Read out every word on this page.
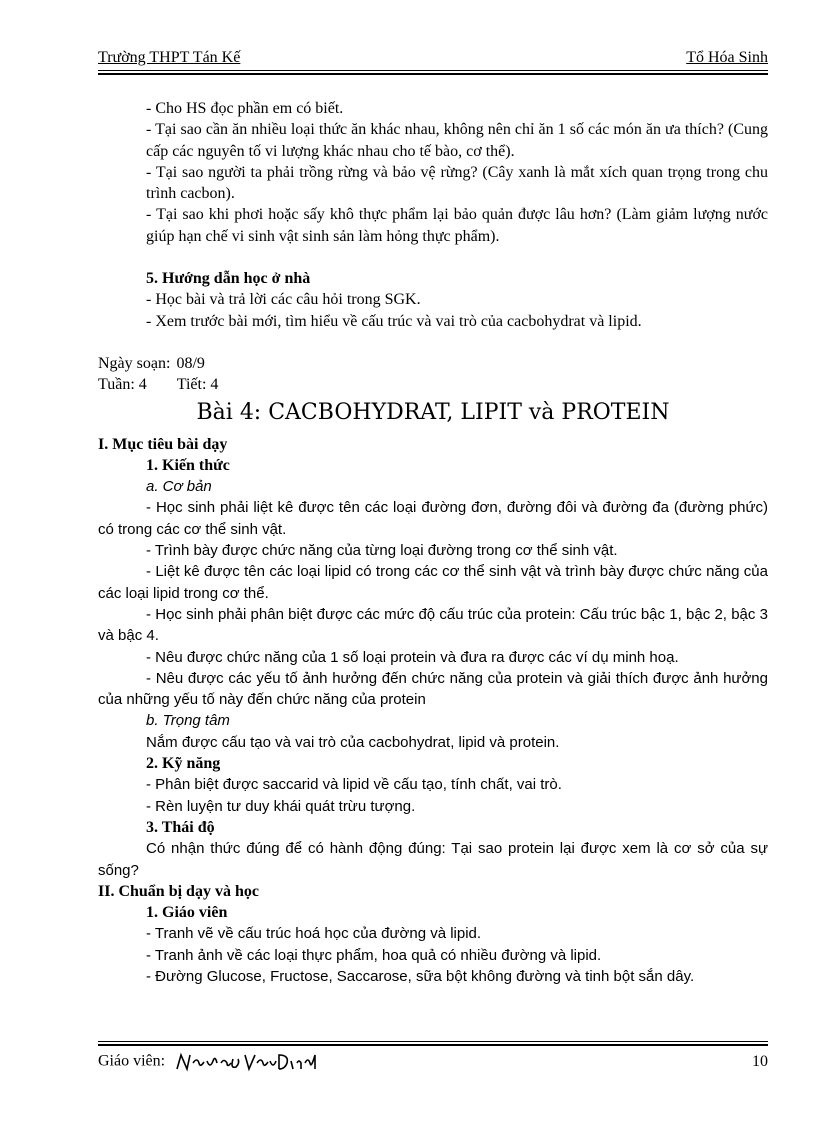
Trường THPT Tán Kế	Tổ Hóa Sinh

- Cho HS đọc phần em có biết.

- Tại sao cần ăn nhiều loại thức ăn khác nhau, không nên chỉ ăn 1 số các món ăn ưa thích? (Cung cấp các nguyên tố vi lượng khác nhau cho tế bào, cơ thể).

- Tại sao người ta phải trồng rừng và bảo vệ rừng? (Cây xanh là mắt xích quan trọng trong chu trình cacbon).

- Tại sao khi phơi hoặc sấy khô thực phẩm lại bảo quản được lâu hơn? (Làm giảm lượng nước giúp hạn chế vi sinh vật sinh sản làm hỏng thực phẩm).

5. Hướng dẫn học ở nhà

- Học bài và trả lời các câu hỏi trong SGK.

- Xem trước bài mới, tìm hiểu về cấu trúc và vai trò của cacbohydrat và lipid.

Ngày soạn: 08/9
Tuần: 4	Tiết: 4

Bài 4: CACBOHYDRAT, LIPIT và PROTEIN

I. Mục tiêu bài dạy

1. Kiến thức

a. Cơ bản

- Học sinh phải liệt kê được tên các loại đường đơn, đường đôi và đường đa (đường phức) có trong các cơ thể sinh vật.

- Trình bày được chức năng của từng loại đường trong cơ thể sinh vật.

- Liệt kê được tên các loại lipid có trong các cơ thể sinh vật và trình bày được chức năng của các loại lipid trong cơ thể.

- Học sinh phải phân biệt được các mức độ cấu trúc của protein: Cấu trúc bậc 1, bậc 2, bậc 3 và bậc 4.

- Nêu được chức năng của 1 số loại protein và đưa ra được các ví dụ minh hoạ.

- Nêu được các yếu tố ảnh hưởng đến chức năng của protein và giải thích được ảnh hưởng của những yếu tố này đến chức năng của protein

b. Trọng tâm

Nắm được cấu tạo và vai trò của cacbohydrat, lipid và protein.

2. Kỹ năng

- Phân biệt được saccarid và lipid về cấu tạo, tính chất, vai trò.

- Rèn luyện tư duy khái quát trừu tượng.

3. Thái độ

Có nhận thức đúng để có hành động đúng: Tại sao protein lại được xem là cơ sở của sự sống?

II. Chuẩn bị dạy và học

1. Giáo viên

- Tranh vẽ về cấu trúc hoá học của đường và lipid.

- Tranh ảnh về các loại thực phẩm, hoa quả có nhiều đường và lipid.

- Đường Glucose, Fructose, Saccarose, sữa bột không đường và tinh bột sắn dây.

Giáo viên:	10
